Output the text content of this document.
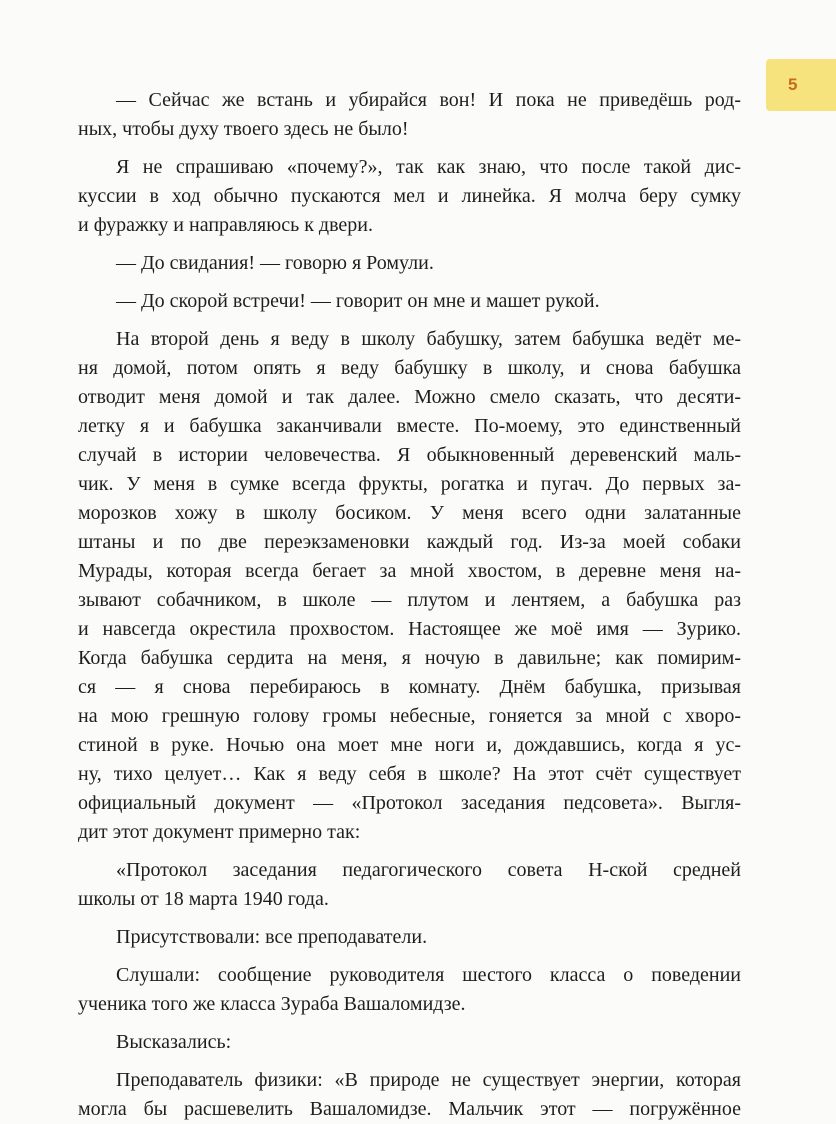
5
— Сейчас же встань и убирайся вон! И пока не приведёшь род-
ных, чтобы духу твоего здесь не было!
Я не спрашиваю «почему?», так как знаю, что после такой дис-
куссии в ход обычно пускаются мел и линейка. Я молча беру сумку
и фуражку и направляюсь к двери.
— До свидания! — говорю я Ромули.
— До скорой встречи! — говорит он мне и машет рукой.
На второй день я веду в школу бабушку, затем бабушка ведёт ме-
ня домой, потом опять я веду бабушку в школу, и снова бабушка
отводит меня домой и так далее. Можно смело сказать, что десяти-
летку я и бабушка заканчивали вместе. По-моему, это единственный
случай в истории человечества. Я обыкновенный деревенский маль-
чик. У меня в сумке всегда фрукты, рогатка и пугач. До первых за-
морозков хожу в школу босиком. У меня всего одни залатанные
штаны и по две переэкзаменовки каждый год. Из-за моей собаки
Мурады, которая всегда бегает за мной хвостом, в деревне меня на-
зывают собачником, в школе — плутом и лентяем, а бабушка раз
и навсегда окрестила прохвостом. Настоящее же моё имя — Зурико.
Когда бабушка сердита на меня, я ночую в давильне; как помирим-
ся — я снова перебираюсь в комнату. Днём бабушка, призывая
на мою грешную голову громы небесные, гоняется за мной с хворо-
стиной в руке. Ночью она моет мне ноги и, дождавшись, когда я ус-
ну, тихо целует… Как я веду себя в школе? На этот счёт существует
официальный документ — «Протокол заседания педсовета». Выгля-
дит этот документ примерно так:
«Протокол заседания педагогического совета Н-ской средней
школы от 18 марта 1940 года.
Присутствовали: все преподаватели.
Слушали: сообщение руководителя шестого класса о поведении
ученика того же класса Зураба Вашаломидзе.
Высказались:
Преподаватель физики: «В природе не существует энергии, которая
могла бы расшевелить Вашаломидзе. Мальчик этот — погружённое
